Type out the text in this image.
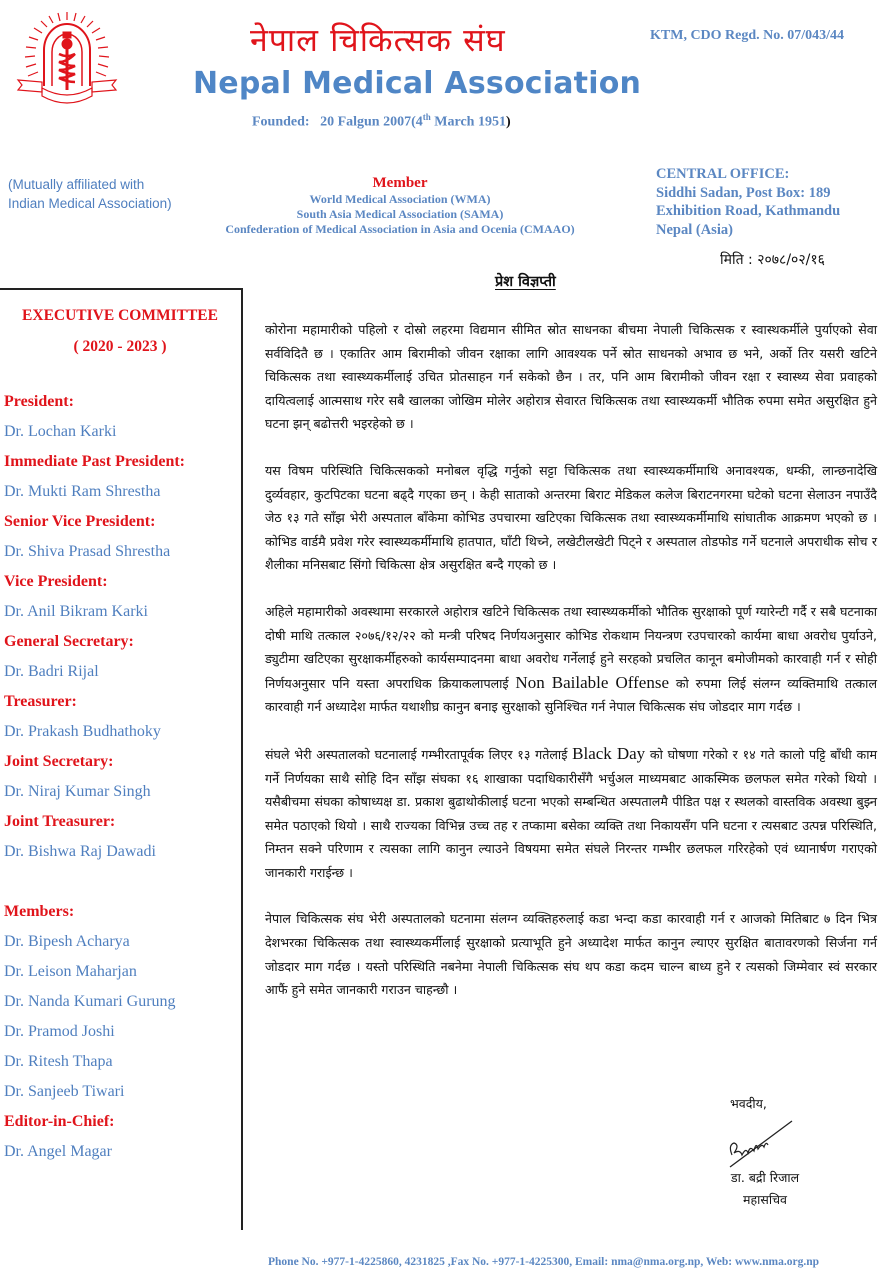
नेपाल चिकित्सक संघ
Nepal Medical Association
Founded: 20 Falgun 2007(4th March 1951)
KTM, CDO Regd. No. 07/043/44
(Mutually affiliated with
Indian Medical Association)
Member
World Medical Association (WMA)
South Asia Medical Association (SAMA)
Confederation of Medical Association in Asia and Ocenia (CMAAO)
CENTRAL OFFICE:
Siddhi Sadan, Post Box: 189
Exhibition Road, Kathmandu
Nepal (Asia)
मिति : २०७८/०२/१६
EXECUTIVE COMMITTEE
( 2020 - 2023 )
President:
Dr. Lochan Karki
Immediate Past President:
Dr. Mukti Ram Shrestha
Senior Vice President:
Dr. Shiva Prasad Shrestha
Vice President:
Dr. Anil Bikram Karki
General Secretary:
Dr. Badri Rijal
Treasurer:
Dr. Prakash Budhathoky
Joint Secretary:
Dr. Niraj Kumar Singh
Joint Treasurer:
Dr. Bishwa Raj Dawadi
Members:
Dr. Bipesh Acharya
Dr. Leison Maharjan
Dr. Nanda Kumari Gurung
Dr. Pramod Joshi
Dr. Ritesh Thapa
Dr. Sanjeeb Tiwari
Editor-in-Chief:
Dr. Angel Magar
प्रेश विज्ञप्ती

कोरोना महामारीको पहिलो र दोस्रो लहरमा विद्यमान सीमित स्रोत साधनका बीचमा नेपाली चिकित्सक र स्वास्थकर्मीले पुर्याएको सेवा सर्वविदितै छ । एकातिर आम बिरामीको जीवन रक्षाका लागि आवश्यक पर्ने स्रोत साधनको अभाव छ भने, अर्को तिर यसरी खटिने चिकित्सक तथा स्वास्थ्यकर्मीलाई उचित प्रोतसाहन गर्न सकेको छैन । तर, पनि आम बिरामीको जीवन रक्षा र स्वास्थ्य सेवा प्रवाहको दायित्वलाई आत्मसाथ गरेर सबै खालका जोखिम मोलेर अहोरात्र सेवारत चिकित्सक तथा स्वास्थ्यकर्मी भौतिक रुपमा समेत असुरक्षित हुने घटना झन् बढोत्तरी भइरहेको छ ।

यस विषम परिस्थिति चिकित्सकको मनोबल वृद्धि गर्नुको सट्टा चिकित्सक तथा स्वास्थ्यकर्मीमाथि अनावश्यक, धम्की, लान्छनादेखि दुर्व्यवहार, कुटपिटका घटना बढ्दै गएका छन् । केही साताको अन्तरमा बिराट मेडिकल कलेज बिराटनगरमा घटेको घटना सेलाउन नपाउँदै जेठ १३ गते साँझ भेरी अस्पताल बाँकेमा कोभिड उपचारमा खटिएका चिकित्सक तथा स्वास्थ्यकर्मीमाथि सांघातीक आक्रमण भएको छ । कोभिड वार्डमै प्रवेश गरेर स्वास्थ्यकर्मीमाथि हातपात, घाँटी थिच्ने, लखेटीलखेटी पिट्ने र अस्पताल तोडफोड गर्ने घटनाले अपराधीक सोच र शैलीका मनिसबाट सिंगो चिकित्सा क्षेत्र असुरक्षित बन्दै गएको छ ।

अहिले महामारीको अवस्थामा सरकारले अहोरात्र खटिने चिकित्सक तथा स्वास्थ्यकर्मीको भौतिक सुरक्षाको पूर्ण ग्यारेन्टी गर्दै र सबै घटनाका दोषी माथि तत्काल २०७६/१२/२२ को मन्त्री परिषद निर्णयअनुसार कोभिड रोकथाम नियन्त्रण रउपचारको कार्यमा बाधा अवरोध पुर्याउने, ड्युटीमा खटिएका सुरक्षाकर्मीहरुको कार्यसम्पादनमा बाधा अवरोध गर्नेलाई हुने सरहको प्रचलित कानून बमोजीमको कारवाही गर्न र सोही निर्णयअनुसार पनि यस्ता अपराधिक क्रियाकलापलाई Non Bailable Offense को रुपमा लिई संलग्न व्यक्तिमाथि तत्काल कारवाही गर्न अध्यादेश मार्फत यथाशीघ्र कानुन बनाइ सुरक्षाको सुनिश्चित गर्न नेपाल चिकित्सक संघ जोडदार माग गर्दछ ।

संघले भेरी अस्पतालको घटनालाई गम्भीरतापूर्वक लिएर १३ गतेलाई Black Day को घोषणा गरेको र १४ गते कालो पट्टि बाँधी काम गर्ने निर्णयका साथै सोहि दिन साँझ संघका १६ शाखाका पदाधिकारीसँगै भर्चुअल माध्यमबाट आकस्मिक छलफल समेत गरेको थियो । यसैबीचमा संघका कोषाध्यक्ष डा. प्रकाश बुढाथोकीलाई घटना भएको सम्बन्धित अस्पतालमै पीडित पक्ष र स्थलको वास्तविक अवस्था बुझ्न समेत पठाएको थियो । साथै राज्यका विभिन्न उच्च तह र तप्कामा बसेका व्यक्ति तथा निकायसँग पनि घटना र त्यसबाट उत्पन्न परिस्थिति, निम्तन सक्ने परिणाम र त्यसका लागि कानुन ल्याउने विषयमा समेत संघले निरन्तर गम्भीर छलफल गरिरहेको एवं ध्यानार्षण गराएको जानकारी गराईन्छ ।

नेपाल चिकित्सक संघ भेरी अस्पतालको घटनामा संलग्न व्यक्तिहरुलाई कडा भन्दा कडा कारवाही गर्न र आजको मितिबाट ७ दिन भित्र देशभरका चिकित्सक तथा स्वास्थ्यकर्मीलाई सुरक्षाको प्रत्याभूति हुने अध्यादेश मार्फत कानुन ल्याएर सुरक्षित बातावरणको सिर्जना गर्न जोडदार माग गर्दछ । यस्तो परिस्थिति नबनेमा नेपाली चिकित्सक संघ थप कडा कदम चाल्न बाध्य हुने र त्यसको जिम्मेवार स्वं सरकार आफैं हुने समेत जानकारी गराउन चाहन्छौ ।

भवदीय,
डा. बद्री रिजाल
महासचिव
Phone No. +977-1-4225860, 4231825 ,Fax No. +977-1-4225300, Email: nma@nma.org.np, Web: www.nma.org.np
